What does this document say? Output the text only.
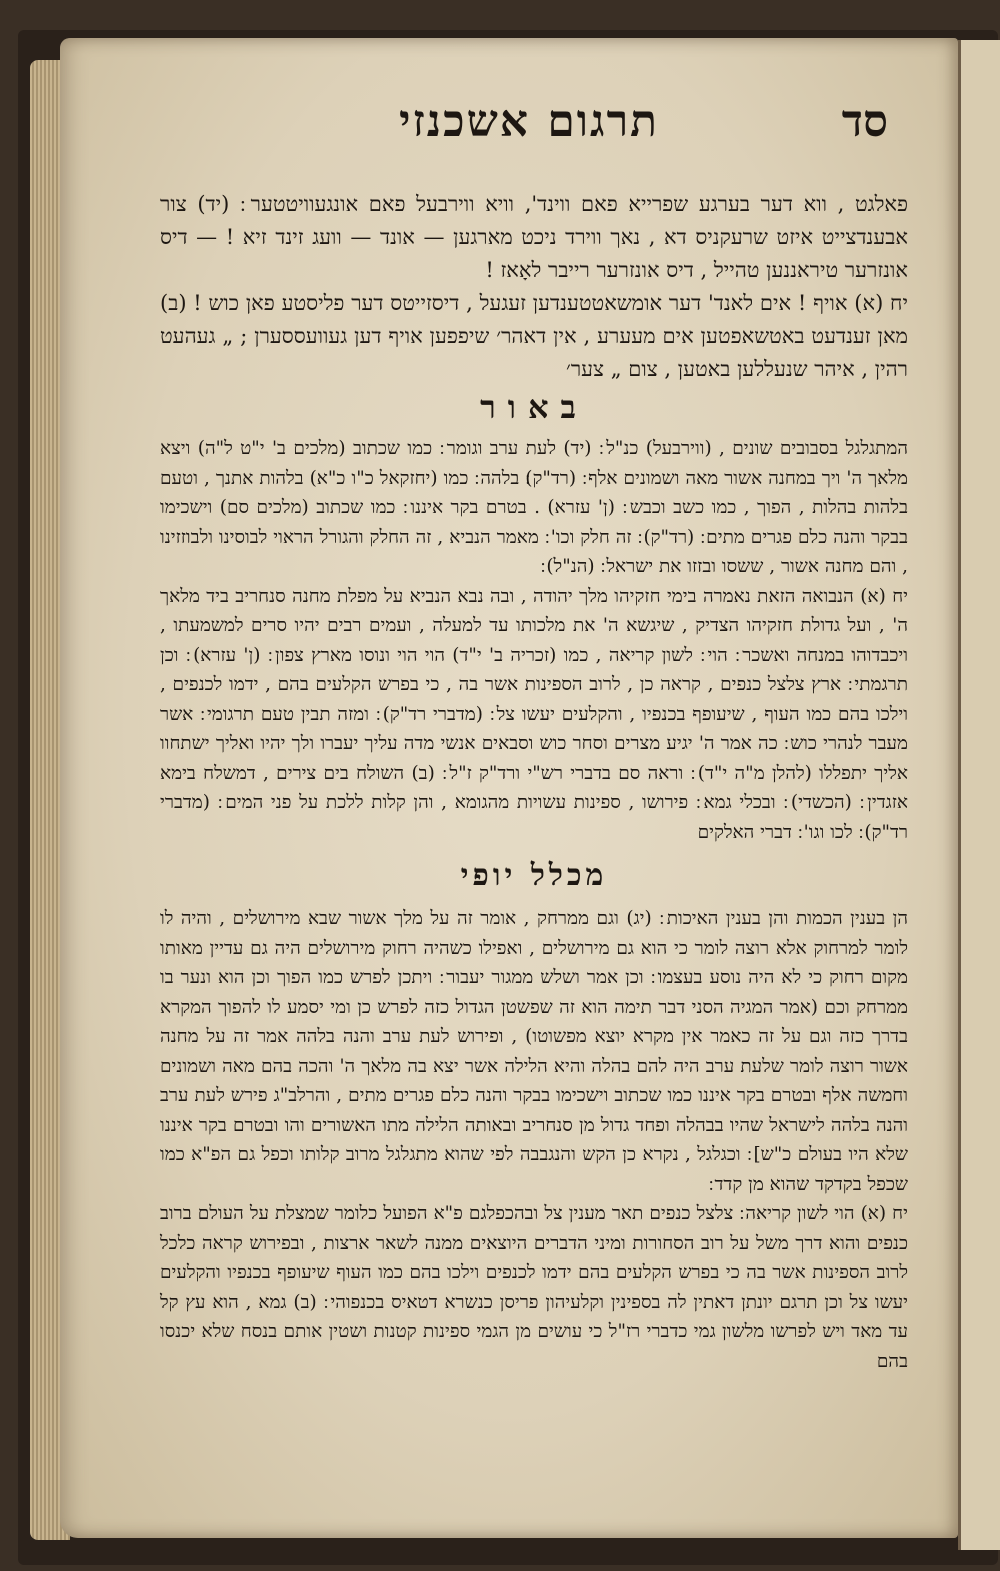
תרגום אשכנזי	סד

פאלגט , ווא דער בערגע שפרייא פאם ווינד', וויא ווירבעל פאם אונגעוויטטער ׃ (יד) צור אבענדצייט איזט שרעקניס דא , נאך ווירד ניכט מארגען — אונד — וועג זינד זיא ! — דיס אונזרער טיראננען טהייל , דיס אונזרער רייבר לאָאז !

יח (א) אויף ! אים לאנד' דער אומשאטטענדען זעגעל , דיסזייטס דער פליסטע פאן כוש ! (ב) מאן זענדעט באטשאפטען אים מעערע , אין דאהר׳ שיפפען אויף דען געוועססערן ; „ געהעט רהין , איהר שנעללען באטען , צום „ צער׳

באור

המתגלגל בסבובים שונים , (ווירבעל) כנ"ל ׃ (יד) לעת ערב וגומר ׃ כמו שכתוב (מלכים ב' י"ט ל"ה) ויצא מלאך ה' ויך במחנה אשור מאה ושמונים אלף ׃ (רד"ק)׃ בלהה ׃ כמו (יחזקאל כ"ו כ"א) בלהות אתנך , וטעם בלהות בהלות , הפוך , כמו כשב וכבש ׃ (ן' עזרא) . בטרם בקר איננו ׃ כמו שכתוב (מלכים סם) וישכימו בבקר והנה כלם פגרים מתים ׃ (רד"ק) ׃ זה חלק וכו' ׃ מאמר הנביא , זה החלק והגורל הראוי לבוסינו ולבוזזינו , והם מחנה אשור , ששסו ובזזו את ישראל ׃ (הנ"ל) ׃

יח (א) הנבואה הזאת נאמרה בימי חזקיהו מלך יהודה , ובה נבא הנביא על מפלת מחנה סנחריב ביד מלאך ה' , ועל גדולת חזקיהו הצדיק , שיגשא ה' את מלכותו עד למעלה , ועמים רבים יהיו סרים למשמעתו , ויכבדוהו במנחה ואשכר ׃ הוי ׃ לשון קריאה , כמו (זכריה ב' י"ד) הוי הוי ונוסו מארץ צפון ׃ (ן' עזרא) ׃ וכן תרגמתי ׃ ארץ צלצל כנפים , קראה כן , לרוב הספינות אשר בה , כי בפרש הקלעים בהם , ידמו לכנפים , וילכו בהם כמו העוף , שיעופף בכנפיו , והקלעים יעשו צל ׃ (מדברי רד"ק) ׃ ומזה תבין טעם תרגומי ׃ אשר מעבר לנהרי כוש ׃ כה אמר ה' יגיע מצרים וסחר כוש וסבאים אנשי מדה עליך יעברו ולך יהיו ואליך ישתחוו אליך יתפללו (להלן מ"ה י"ד) ׃ וראה סם בדברי רש"י ורד"ק ז"ל ׃ (ב) השולח בים צירים , דמשלח בימא אזגדין ׃ (הכשדי) ׃ ובכלי גמא ׃ פירושו , ספינות עשויות מהגומא , והן קלות ללכת על פני המים ׃ (מדברי רד"ק) ׃ לכו וגו' ׃ דברי האלקים

מכלל יופי

הן בענין הכמות והן בענין האיכות ׃ (יג) וגם ממרחק , אומר זה על מלך אשור שבא מירושלים , והיה לו לומר למרחוק אלא רוצה לומר כי הוא גם מירושלים , ואפילו כשהיה רחוק מירושלים היה גם עדיין מאותו מקום רחוק כי לא היה נוסע בעצמו ׃ וכן אמר ושלש ממגור יעבור ׃ ויתכן לפרש כמו הפוך וכן הוא ונער בו ממרחק וכם (אמר המגיה הסני דבר תימה הוא זה שפשטן הגדול כזה לפרש כן ומי יסמע לו להפוך המקרא בדרך כזה וגם על זה כאמר אין מקרא יוצא מפשוטו) , ופירוש לעת ערב והנה בלהה אמר זה על מחנה אשור רוצה לומר שלעת ערב היה להם בהלה והיא הלילה אשר יצא בה מלאך ה' והכה בהם מאה ושמונים וחמשה אלף ובטרם בקר איננו כמו שכתוב וישכימו בבקר והנה כלם פגרים מתים , והרלב"ג פירש לעת ערב והנה בלהה לישראל שהיו בבהלה ופחד גדול מן סנחריב ובאותה הלילה מתו האשורים והו ובטרם בקר איננו שלא היו בעולם כ"ש] ׃ וכגלגל , נקרא כן הקש והנגבבה לפי שהוא מתגלגל מרוב קלותו וכפל גם הפ"א כמו שכפל בקדקד שהוא מן קדד ׃

יח (א) הוי לשון קריאה ׃ צלצל כנפים תאר מענין צל ובהכפלגם פ"א הפועל כלומר שמצלת על העולם ברוב כנפים והוא דרך משל על רוב הסחורות ומיני הדברים היוצאים ממנה לשאר ארצות , ובפירוש קראה כלכל לרוב הספינות אשר בה כי בפרש הקלעים בהם ידמו לכנפים וילכו בהם כמו העוף שיעופף בכנפיו והקלעים יעשו צל וכן תרגם יונתן דאתין לה בספינין וקלעיהון פריסן כנשרא דטאיס בכנפוהי ׃ (ב) גמא , הוא עץ קל עד מאד ויש לפרשו מלשון גמי כדברי רז"ל כי עושים מן הגמי ספינות קטנות ושטין אותם בנסח שלא יכנסו בהם
